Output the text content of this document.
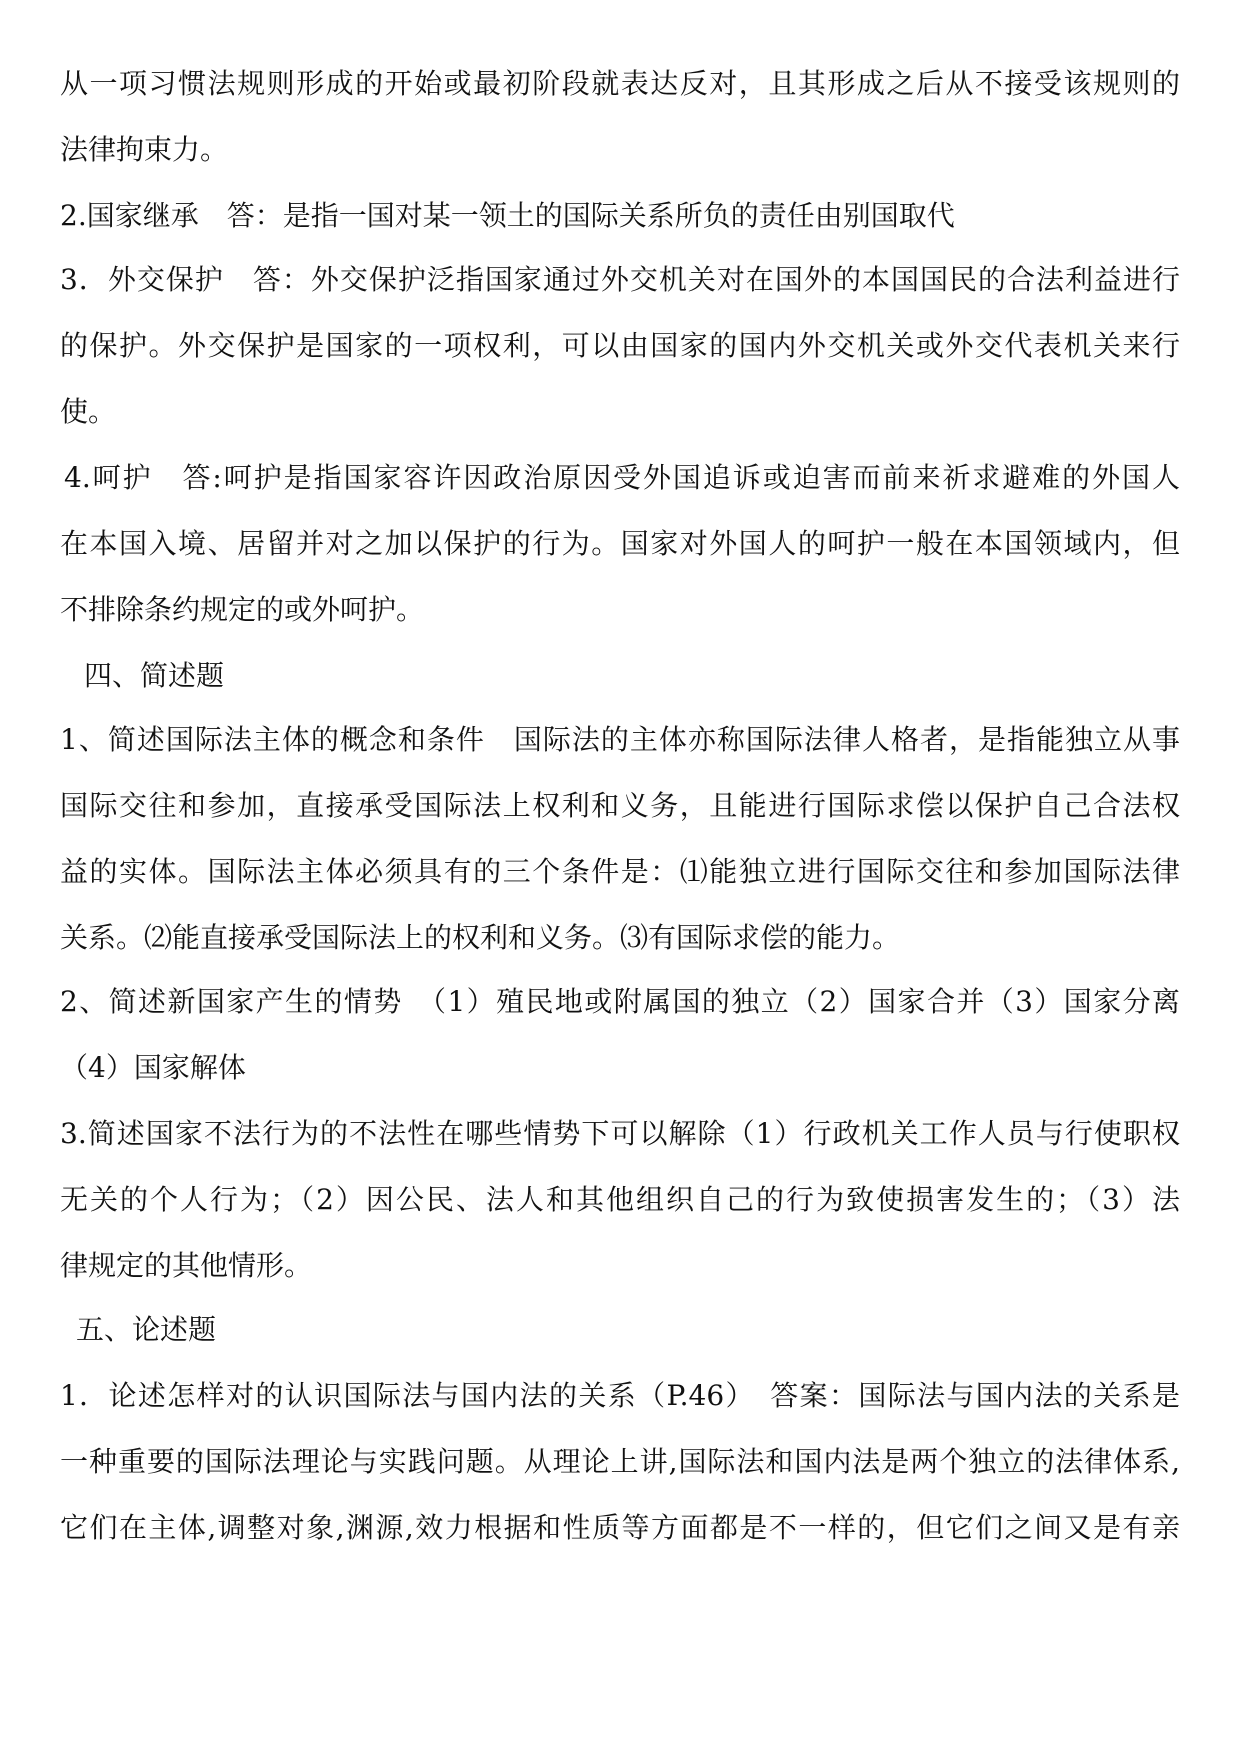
从一项习惯法规则形成的开始或最初阶段就表达反对，且其形成之后从不接受该规则的
法律拘束力。
2.国家继承　答：是指一国对某一领土的国际关系所负的责任由别国取代
3．外交保护　答：外交保护泛指国家通过外交机关对在国外的本国国民的合法利益进行
的保护。外交保护是国家的一项权利，可以由国家的国内外交机关或外交代表机关来行
使。
4.呵护　答:呵护是指国家容许因政治原因受外国追诉或迫害而前来祈求避难的外国人
在本国入境、居留并对之加以保护的行为。国家对外国人的呵护一般在本国领域内，但
不排除条约规定的或外呵护。
四、简述题
1、简述国际法主体的概念和条件　国际法的主体亦称国际法律人格者，是指能独立从事
国际交往和参加，直接承受国际法上权利和义务，且能进行国际求偿以保护自己合法权
益的实体。国际法主体必须具有的三个条件是：⑴能独立进行国际交往和参加国际法律
关系。⑵能直接承受国际法上的权利和义务。⑶有国际求偿的能力。
2、简述新国家产生的情势　（1）殖民地或附属国的独立（2）国家合并（3）国家分离
（4）国家解体
3.简述国家不法行为的不法性在哪些情势下可以解除（1）行政机关工作人员与行使职权
无关的个人行为；（2）因公民、法人和其他组织自己的行为致使损害发生的；（3）法
律规定的其他情形。
五、论述题
1．论述怎样对的认识国际法与国内法的关系（P.46）　答案：国际法与国内法的关系是
一种重要的国际法理论与实践问题。从理论上讲,国际法和国内法是两个独立的法律体系,
它们在主体,调整对象,渊源,效力根据和性质等方面都是不一样的，但它们之间又是有亲
